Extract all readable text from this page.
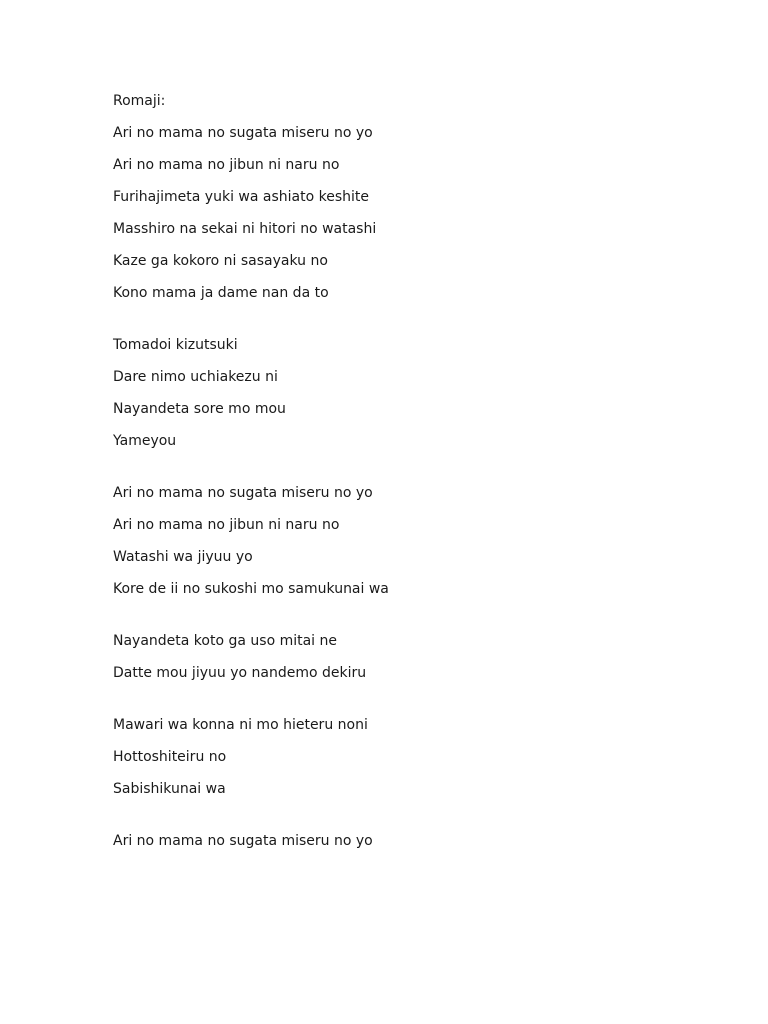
Romaji:
Ari no mama no sugata miseru no yo
Ari no mama no jibun ni naru no
Furihajimeta yuki wa ashiato keshite
Masshiro na sekai ni hitori no watashi
Kaze ga kokoro ni sasayaku no
Kono mama ja dame nan da to
Tomadoi kizutsuki
Dare nimo uchiakezu ni
Nayandeta sore mo mou
Yameyou
Ari no mama no sugata miseru no yo
Ari no mama no jibun ni naru no
Watashi wa jiyuu yo
Kore de ii no sukoshi mo samukunai wa
Nayandeta koto ga uso mitai ne
Datte mou jiyuu yo nandemo dekiru
Mawari wa konna ni mo hieteru noni
Hottoshiteiru no
Sabishikunai wa
Ari no mama no sugata miseru no yo
